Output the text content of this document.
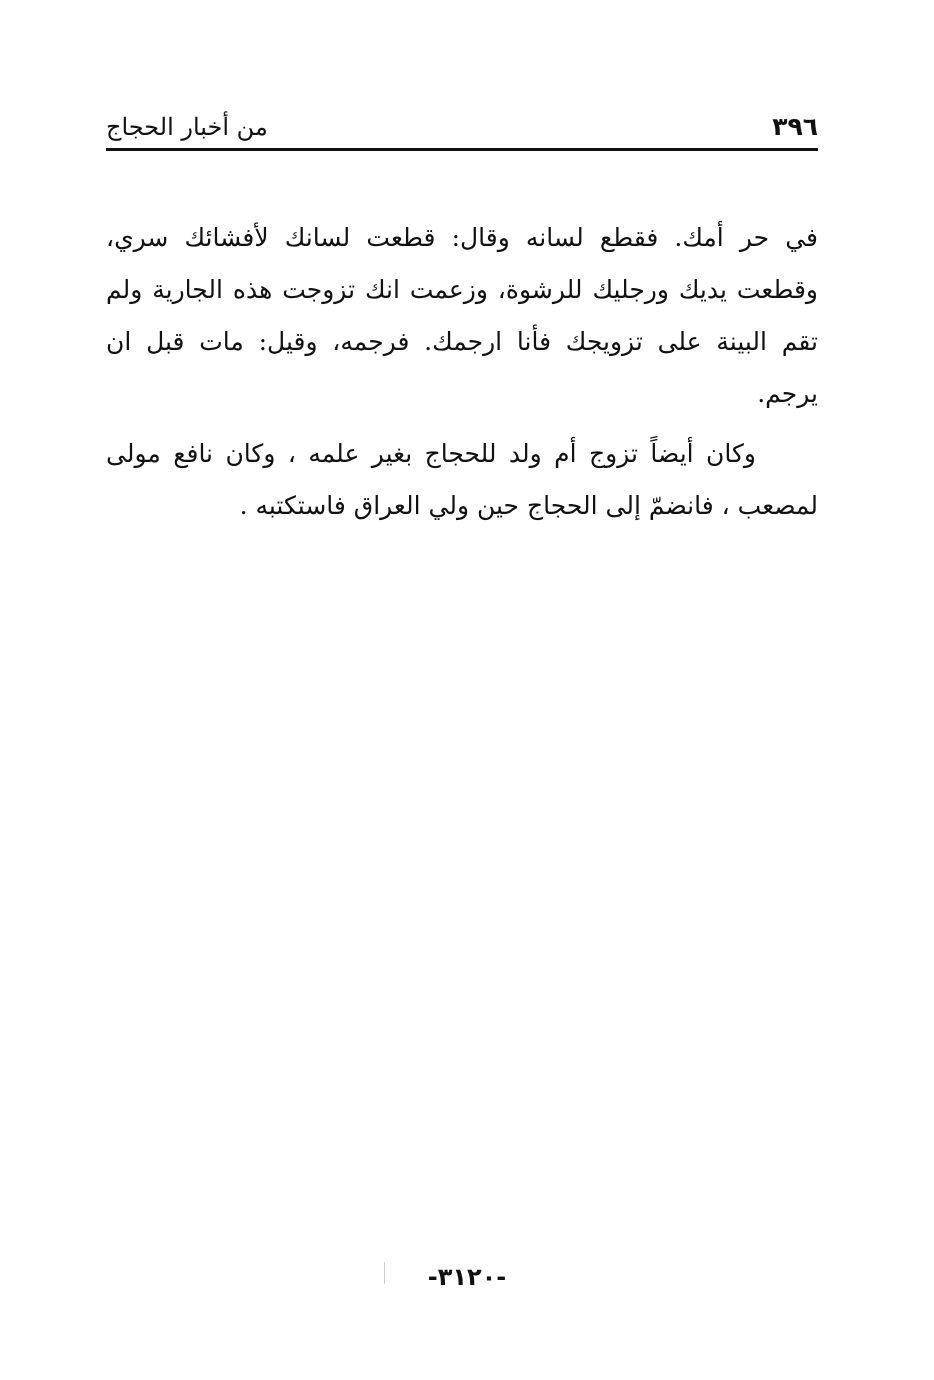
٣٩٦
من أخبار الحجاج

في حر أمك. فقطع لسانه وقال: قطعت لسانك لأفشائك سري، وقطعت يديك ورجليك للرشوة، وزعمت انك تزوجت هذه الجارية ولم تقم البينة على تزويجك فأنا ارجمك. فرجمه، وقيل: مات قبل ان يرجم.

وكان أيضاً تزوج أم ولد للحجاج بغير علمه ، وكان نافع مولى لمصعب ، فانضمّ إلى الحجاج حين ولي العراق فاستكتبه .

-٣١٢٠-
